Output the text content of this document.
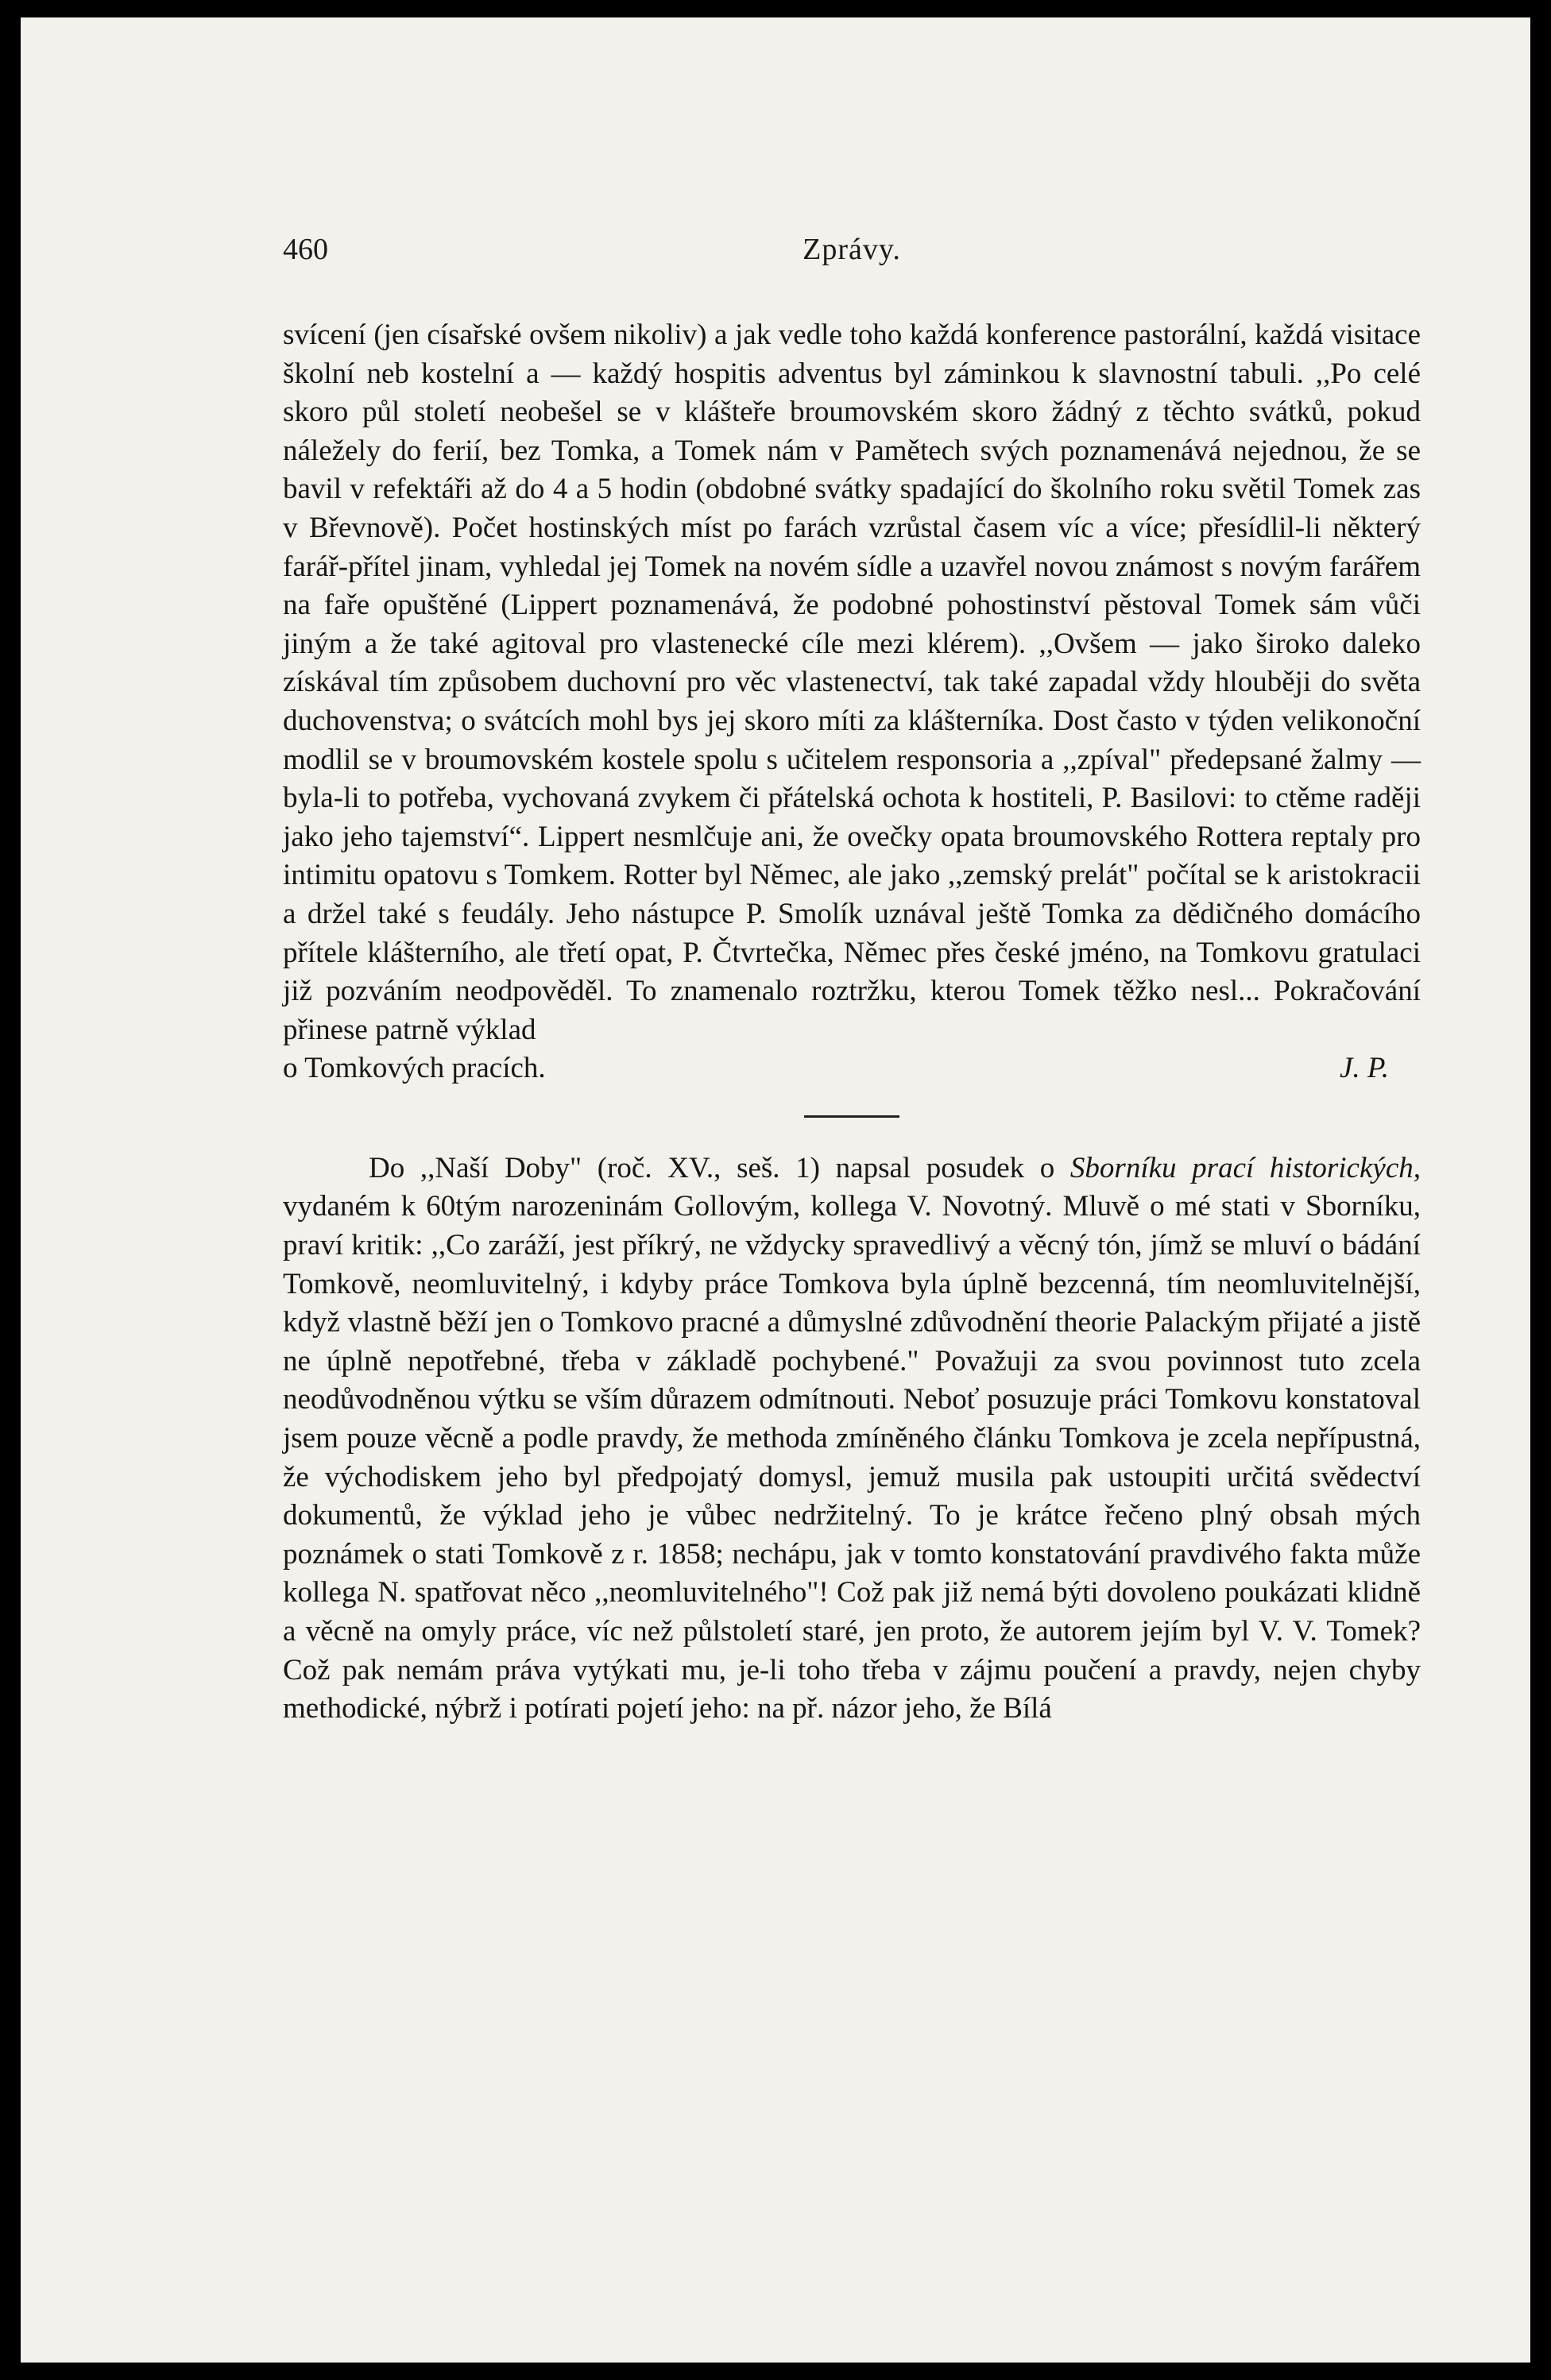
460	Zprávy.

svícení (jen císařské ovšem nikoliv) a jak vedle toho každá konference pastorální, každá visitace školní neb kostelní a — každý hospitis adventus byl záminkou k slavnostní tabuli. ,,Po celé skoro půl století neobešel se v klášteře broumovském skoro žádný z těchto svátků, pokud náležely do ferií, bez Tomka, a Tomek nám v Pamětech svých poznamenává nejednou, že se bavil v refektáři až do 4 a 5 hodin (obdobné svátky spadající do školního roku světil Tomek zas v Břevnově). Počet hostinských míst po farách vzrůstal časem víc a více; přesídlil-li některý farář-přítel jinam, vyhledal jej Tomek na novém sídle a uzavřel novou známost s novým farářem na faře opuštěné (Lippert poznamenává, že podobné pohostinství pěstoval Tomek sám vůči jiným a že také agitoval pro vlastenecké cíle mezi klérem). ,,Ovšem — jako široko daleko získával tím způsobem duchovní pro věc vlastenectví, tak také zapadal vždy hlouběji do světa duchovenstva; o svátcích mohl bys jej skoro míti za klášterníka. Dost často v týden velikonoční modlil se v broumovském kostele spolu s učitelem responsoria a ,,zpíval" předepsané žalmy — byla-li to potřeba, vychovaná zvykem či přátelská ochota k hostiteli, P. Basilovi: to ctěme raději jako jeho tajemství“. Lippert nesmlčuje ani, že ovečky opata broumovského Rottera reptaly pro intimitu opatovu s Tomkem. Rotter byl Němec, ale jako ,,zemský prelát" počítal se k aristokracii a držel také s feudály. Jeho nástupce P. Smolík uznával ještě Tomka za dědičného domácího přítele klášterního, ale třetí opat, P. Čtvrtečka, Němec přes české jméno, na Tomkovu gratulaci již pozváním neodpověděl. To znamenalo roztržku, kterou Tomek těžko nesl... Pokračování přinese patrně výklad

o Tomkových pracích.	J. P.

Do ,,Naší Doby" (roč. XV., seš. 1) napsal posudek o Sborníku prací historických, vydaném k 60tým narozeninám Gollovým, kollega V. Novotný. Mluvě o mé stati v Sborníku, praví kritik: ,,Co zaráží, jest příkrý, ne vždycky spravedlivý a věcný tón, jímž se mluví o bádání Tomkově, neomluvitelný, i kdyby práce Tomkova byla úplně bezcenná, tím neomluvitelnější, když vlastně běží jen o Tomkovo pracné a důmyslné zdůvodnění theorie Palackým přijaté a jistě ne úplně nepotřebné, třeba v základě pochybené." Považuji za svou povinnost tuto zcela neodůvodněnou výtku se vším důrazem odmítnouti. Neboť posuzuje práci Tomkovu konstatoval jsem pouze věcně a podle pravdy, že methoda zmíněného článku Tomkova je zcela nepřípustná, že východiskem jeho byl předpojatý domysl, jemuž musila pak ustoupiti určitá svědectví dokumentů, že výklad jeho je vůbec nedržitelný. To je krátce řečeno plný obsah mých poznámek o stati Tomkově z r. 1858; nechápu, jak v tomto konstatování pravdivého fakta může kollega N. spatřovat něco ,,neomluvitelného"! Což pak již nemá býti dovoleno poukázati klidně a věcně na omyly práce, víc než půlstoletí staré, jen proto, že autorem jejím byl V. V. Tomek? Což pak nemám práva vytýkati mu, je-li toho třeba v zájmu poučení a pravdy, nejen chyby methodické, nýbrž i potírati pojetí jeho: na př. názor jeho, že Bílá
